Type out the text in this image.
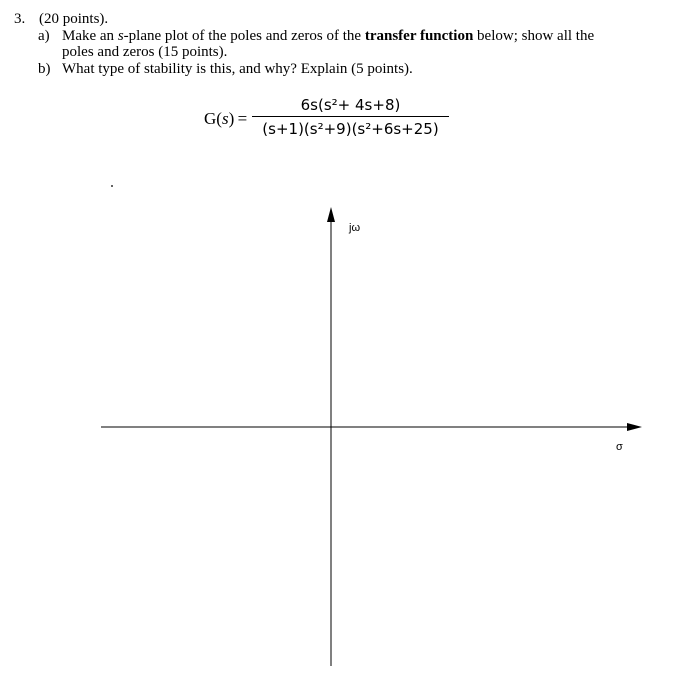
3. (20 points).
a) Make an s-plane plot of the poles and zeros of the transfer function below; show all the
poles and zeros (15 points).
b) What type of stability is this, and why? Explain (5 points).
G(s) =
6s(s²+ 4s+8)
(s+1)(s²+9)(s²+6s+25)
jω
σ
